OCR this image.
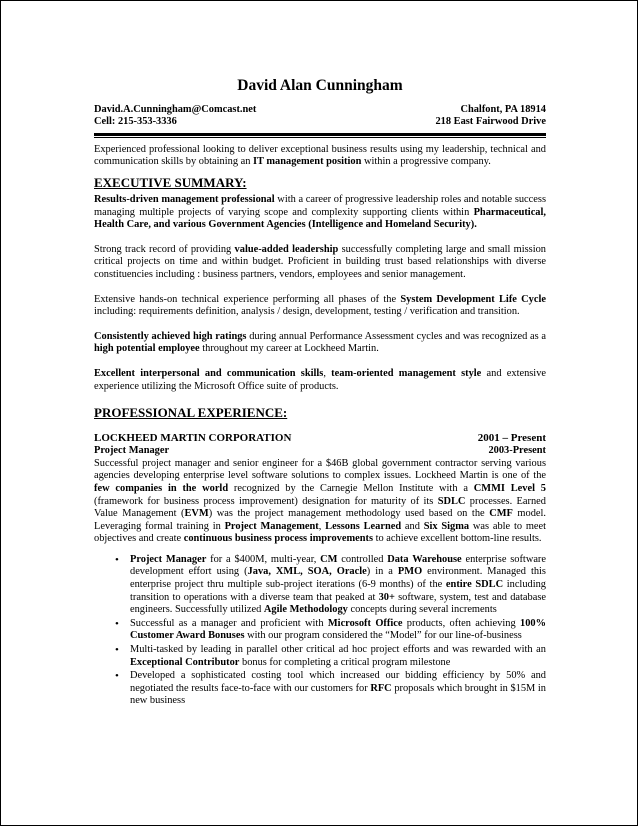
David Alan Cunningham
David.A.Cunningham@Comcast.net	Chalfont, PA 18914
Cell: 215-353-3336	218 East Fairwood Drive

Experienced professional looking to deliver exceptional business results using my leadership, technical and communication skills by obtaining an IT management position within a progressive company.

EXECUTIVE SUMMARY:

Results-driven management professional with a career of progressive leadership roles and notable success managing multiple projects of varying scope and complexity supporting clients within Pharmaceutical, Health Care, and various Government Agencies (Intelligence and Homeland Security).

Strong track record of providing value-added leadership successfully completing large and small mission critical projects on time and within budget. Proficient in building trust based relationships with diverse constituencies including : business partners, vendors, employees and senior management.

Extensive hands-on technical experience performing all phases of the System Development Life Cycle including: requirements definition, analysis / design, development, testing / verification and transition.

Consistently achieved high ratings during annual Performance Assessment cycles and was recognized as a high potential employee throughout my career at Lockheed Martin.

Excellent interpersonal and communication skills, team-oriented management style and extensive experience utilizing the Microsoft Office suite of products.

PROFESSIONAL EXPERIENCE:
LOCKHEED MARTIN CORPORATION	2001 – Present
Project Manager	2003-Present

Successful project manager and senior engineer for a $46B global government contractor serving various agencies developing enterprise level software solutions to complex issues. Lockheed Martin is one of the few companies in the world recognized by the Carnegie Mellon Institute with a CMMI Level 5 (framework for business process improvement) designation for maturity of its SDLC processes. Earned Value Management (EVM) was the project management methodology used based on the CMF model. Leveraging formal training in Project Management, Lessons Learned and Six Sigma was able to meet objectives and create continuous business process improvements to achieve excellent bottom-line results.

• Project Manager for a $400M, multi-year, CM controlled Data Warehouse enterprise software development effort using (Java, XML, SOA, Oracle) in a PMO environment. Managed this enterprise project thru multiple sub-project iterations (6-9 months) of the entire SDLC including transition to operations with a diverse team that peaked at 30+ software, system, test and database engineers. Successfully utilized Agile Methodology concepts during several increments
• Successful as a manager and proficient with Microsoft Office products, often achieving 100% Customer Award Bonuses with our program considered the “Model” for our line-of-business
• Multi-tasked by leading in parallel other critical ad hoc project efforts and was rewarded with an Exceptional Contributor bonus for completing a critical program milestone
• Developed a sophisticated costing tool which increased our bidding efficiency by 50% and negotiated the results face-to-face with our customers for RFC proposals which brought in $15M in new business
